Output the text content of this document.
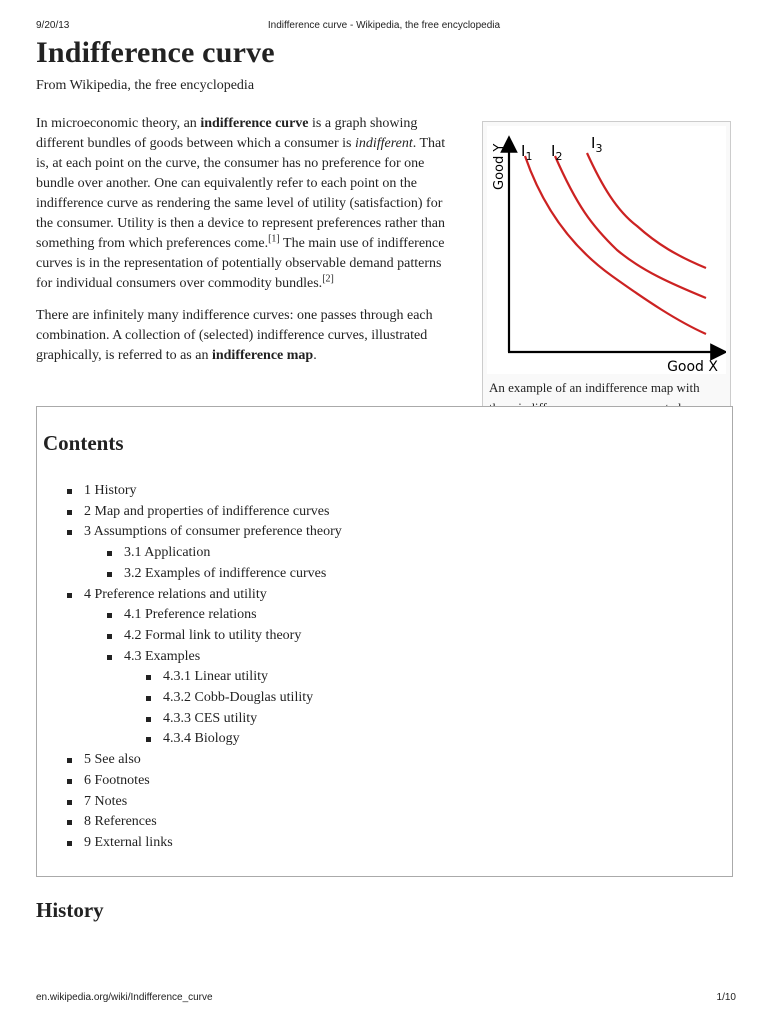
9/20/13	Indifference curve - Wikipedia, the free encyclopedia
Indifference curve
From Wikipedia, the free encyclopedia
$I_1$ $I_2$
$I_3$
Good X
Good Y
An example of an indifference map with

In microeconomic theory, an indifference curve is a graph showing different bundles of goods between which a consumer is indifferent. That is, at each point on the curve, the consumer has no preference for one bundle over another. One can equivalently refer to each point on the indifference curve as rendering the same level of utility (satisfaction) for the consumer. Utility is then a device to represent preferences rather than something from which preferences come.[1] The main use of indifference curves is in the representation of potentially observable demand patterns for individual consumers over commodity bundles.[2]

There are infinitely many indifference curves: one passes through each combination. A collection of (selected) indifference curves, illustrated graphically, is referred to as an indifference map.

Contents
1 History
2 Map and properties of indifference curves
3 Assumptions of consumer preference theory
3.1 Application
3.2 Examples of indifference curves
4 Preference relations and utility
4.1 Preference relations
4.2 Formal link to utility theory
4.3 Examples
4.3.1 Linear utility
4.3.2 Cobb-Douglas utility
4.3.3 CES utility
4.3.4 Biology
5 See also
6 Footnotes
7 Notes
8 References
9 External links
History
en.wikipedia.org/wiki/Indifference_curve	1/10
